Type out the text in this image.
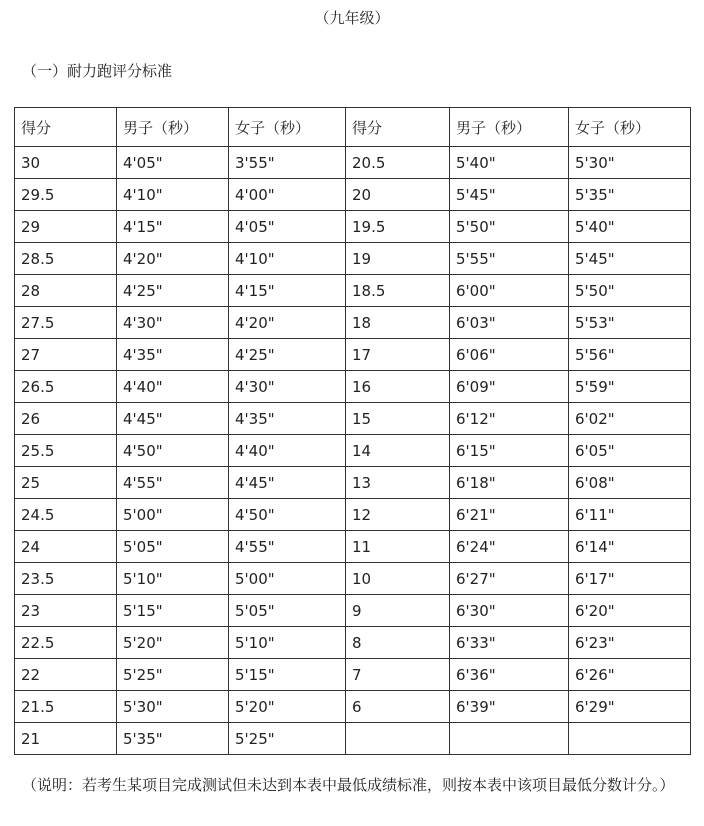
（九年级）
（一）耐力跑评分标准
得分	男子（秒）	女子（秒）	得分	男子（秒）	女子（秒）
30	4'05"	3'55"	20.5	5'40"	5'30"
29.5	4'10"	4'00"	20	5'45"	5'35"
29	4'15"	4'05"	19.5	5'50"	5'40"
28.5	4'20"	4'10"	19	5'55"	5'45"
28	4'25"	4'15"	18.5	6'00"	5'50"
27.5	4'30"	4'20"	18	6'03"	5'53"
27	4'35"	4'25"	17	6'06"	5'56"
26.5	4'40"	4'30"	16	6'09"	5'59"
26	4'45"	4'35"	15	6'12"	6'02"
25.5	4'50"	4'40"	14	6'15"	6'05"
25	4'55"	4'45"	13	6'18"	6'08"
24.5	5'00"	4'50"	12	6'21"	6'11"
24	5'05"	4'55"	11	6'24"	6'14"
23.5	5'10"	5'00"	10	6'27"	6'17"
23	5'15"	5'05"	9	6'30"	6'20"
22.5	5'20"	5'10"	8	6'33"	6'23"
22	5'25"	5'15"	7	6'36"	6'26"
21.5	5'30"	5'20"	6	6'39"	6'29"
21	5'35"	5'25"			
（说明：若考生某项目完成测试但未达到本表中最低成绩标准，则按本表中该项目最低分数计分。）
